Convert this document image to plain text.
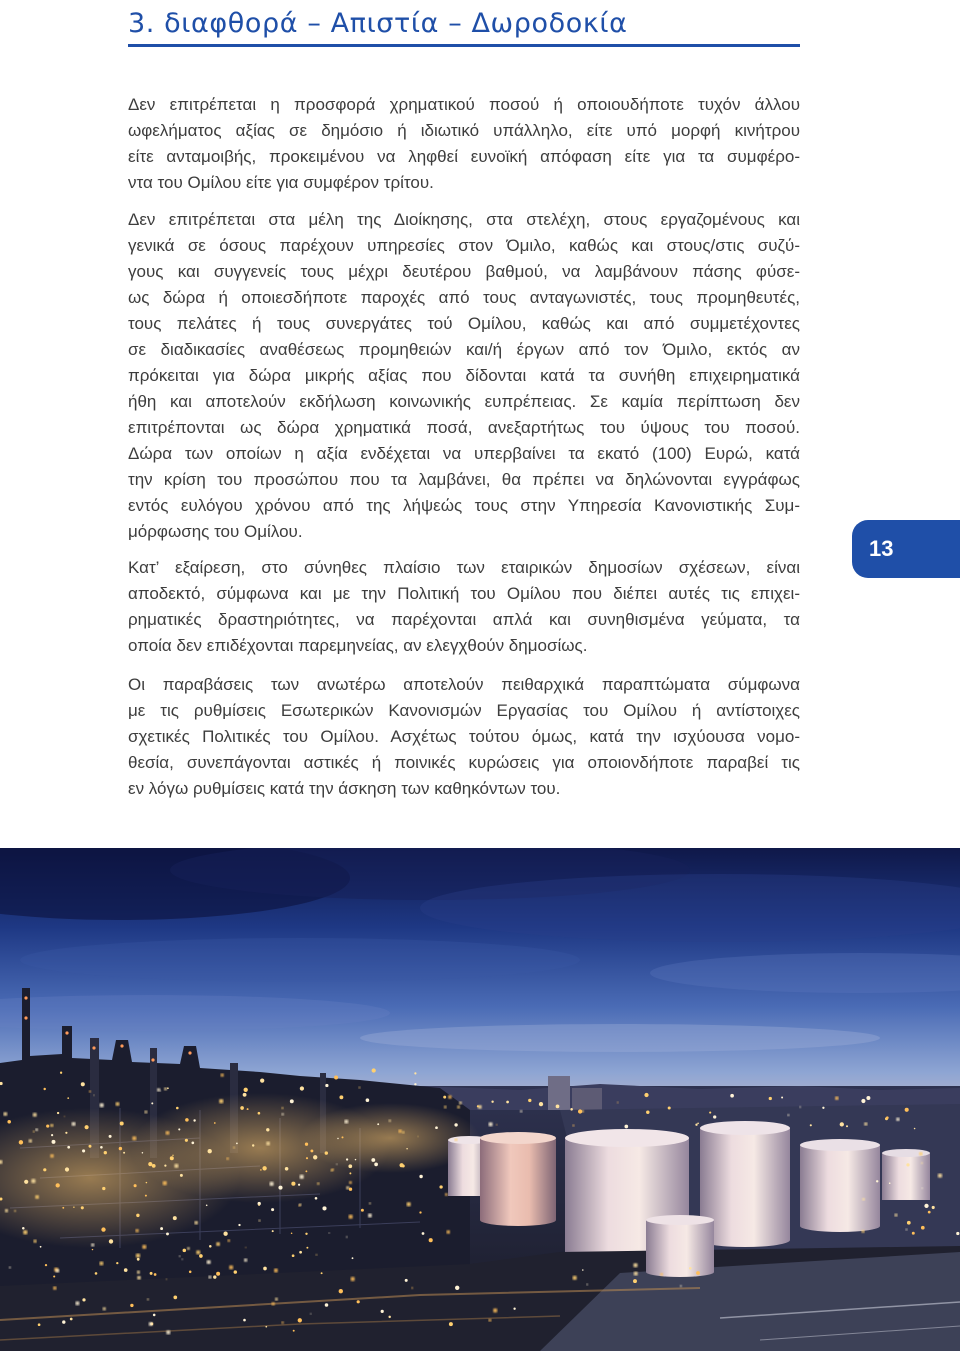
3. διαφθορά – Απιστία – Δωροδοκία
Δεν επιτρέπεται η προσφορά χρηματικού ποσού ή οποιουδήποτε τυχόν άλλου
ωφελήματος αξίας σε δημόσιο ή ιδιωτικό υπάλληλο, είτε υπό μορφή κινήτρου
είτε ανταμοιβής, προκειμένου να ληφθεί ευνοϊκή απόφαση είτε για τα συμφέρο-
ντα του Ομίλου είτε για συμφέρον τρίτου.
Δεν επιτρέπεται στα μέλη της Διοίκησης, στα στελέχη, στους εργαζομένους και
γενικά σε όσους παρέχουν υπηρεσίες στον Όμιλο, καθώς και στους/στις συζύ-
γους και συγγενείς τους μέχρι δευτέρου βαθμού, να λαμβάνουν πάσης φύσε-
ως δώρα ή οποιεσδήποτε παροχές από τους ανταγωνιστές, τους προμηθευτές,
τους πελάτες ή τους συνεργάτες τού Ομίλου, καθώς και από συμμετέχοντες
σε διαδικασίες αναθέσεως προμηθειών και/ή έργων από τον Όμιλο, εκτός αν
πρόκειται για δώρα μικρής αξίας που δίδονται κατά τα συνήθη επιχειρηματικά
ήθη και αποτελούν εκδήλωση κοινωνικής ευπρέπειας. Σε καμία περίπτωση δεν
επιτρέπονται ως δώρα χρηματικά ποσά, ανεξαρτήτως του ύψους του ποσού.
Δώρα των οποίων η αξία ενδέχεται να υπερβαίνει τα εκατό (100) Ευρώ, κατά
την κρίση του προσώπου που τα λαμβάνει, θα πρέπει να δηλώνονται εγγράφως
εντός ευλόγου χρόνου από της λήψεώς τους στην Υπηρεσία Κανονιστικής Συμ-
μόρφωσης του Ομίλου.
Κατ’ εξαίρεση, στο σύνηθες πλαίσιο των εταιρικών δημοσίων σχέσεων, είναι
αποδεκτό, σύμφωνα και με την Πολιτική του Ομίλου που διέπει αυτές τις επιχει-
ρηματικές δραστηριότητες, να παρέχονται απλά και συνηθισμένα γεύματα, τα
οποία δεν επιδέχονται παρεμηνείας, αν ελεγχθούν δημοσίως.
Οι παραβάσεις των ανωτέρω αποτελούν πειθαρχικά παραπτώματα σύμφωνα
με τις ρυθμίσεις Εσωτερικών Κανονισμών Εργασίας του Ομίλου ή αντίστοιχες
σχετικές Πολιτικές του Ομίλου. Ασχέτως τούτου όμως, κατά την ισχύουσα νομο-
θεσία, συνεπάγονται αστικές ή ποινικές κυρώσεις για οποιονδήποτε παραβεί τις
εν λόγω ρυθμίσεις κατά την άσκηση των καθηκόντων του.
13
